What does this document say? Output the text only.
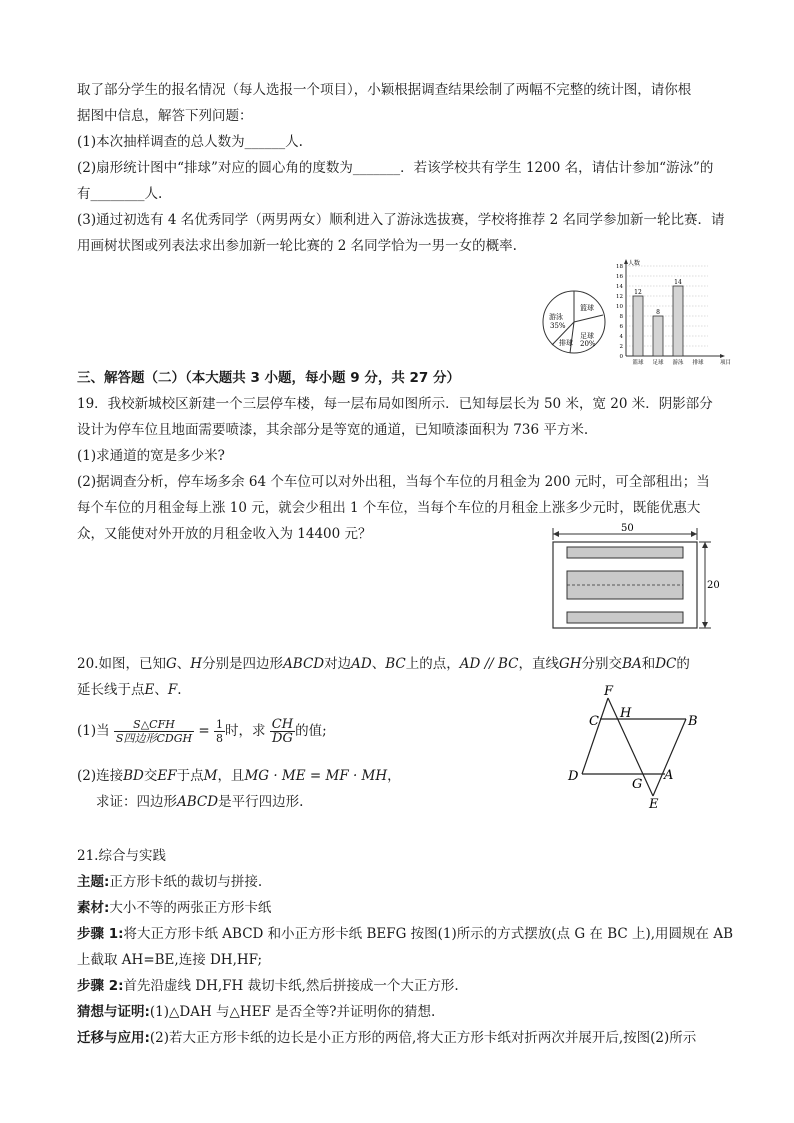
取了部分学生的报名情况（每人选报一个项目），小颖根据调查结果绘制了两幅不完整的统计图，请你根
据图中信息，解答下列问题：
(1)本次抽样调查的总人数为______人.
(2)扇形统计图中“排球”对应的圆心角的度数为_______．若该学校共有学生 1200 名，请估计参加“游泳”的
有________人.
(3)通过初选有 4 名优秀同学（两男两女）顺利进入了游泳选拔赛，学校将推荐 2 名同学参加新一轮比赛．请
用画树状图或列表法求出参加新一轮比赛的 2 名同学恰为一男一女的概率.
游泳
35%
篮球
排球
足球
20%
人数
项目
0
2
4
6
8
10
12
14
16
18
篮球
12
足球
8
游泳
14
排球
三、解答题（二）（本大题共 3 小题，每小题 9 分，共 27 分）
19．我校新城校区新建一个三层停车楼，每一层布局如图所示．已知每层长为 50 米，宽 20 米．阴影部分
设计为停车位且地面需要喷漆，其余部分是等宽的通道，已知喷漆面积为 736 平方米.
(1)求通道的宽是多少米?
(2)据调查分析，停车场多余 64 个车位可以对外出租，当每个车位的月租金为 200 元时，可全部租出；当
每个车位的月租金每上涨 10 元，就会少租出 1 个车位，当每个车位的月租金上涨多少元时，既能优惠大
众，又能使对外开放的月租金收入为 14400 元？	50
20
20.如图，已知G、H分别是四边形ABCD对边AD、BC上的点，AD // BC，直线GH分别交BA和DC的
延长线于点E、F.
(1)当 $\frac{\text{S△CFH}}{\text{S四边形CDGH}} = \frac{1}{8}$ 时，求 $\frac{CH}{DG}$ 的值;
(2)连接BD交EF于点M，且MG · ME = MF · MH，
求证：四边形ABCD是平行四边形.
F
C
H
B
D
G
A
E
21.综合与实践
主题:正方形卡纸的裁切与拼接.
素材:大小不等的两张正方形卡纸
步骤 1:将大正方形卡纸 ABCD 和小正方形卡纸 BEFG 按图(1)所示的方式摆放(点 G 在 BC 上),用圆规在 AB
上截取 AH=BE,连接 DH,HF;
步骤 2:首先沿虚线 DH,FH 裁切卡纸,然后拼接成一个大正方形.
猜想与证明:(1)△DAH 与△HEF 是否全等?并证明你的猜想.
迁移与应用:(2)若大正方形卡纸的边长是小正方形的两倍,将大正方形卡纸对折两次并展开后,按图(2)所示
